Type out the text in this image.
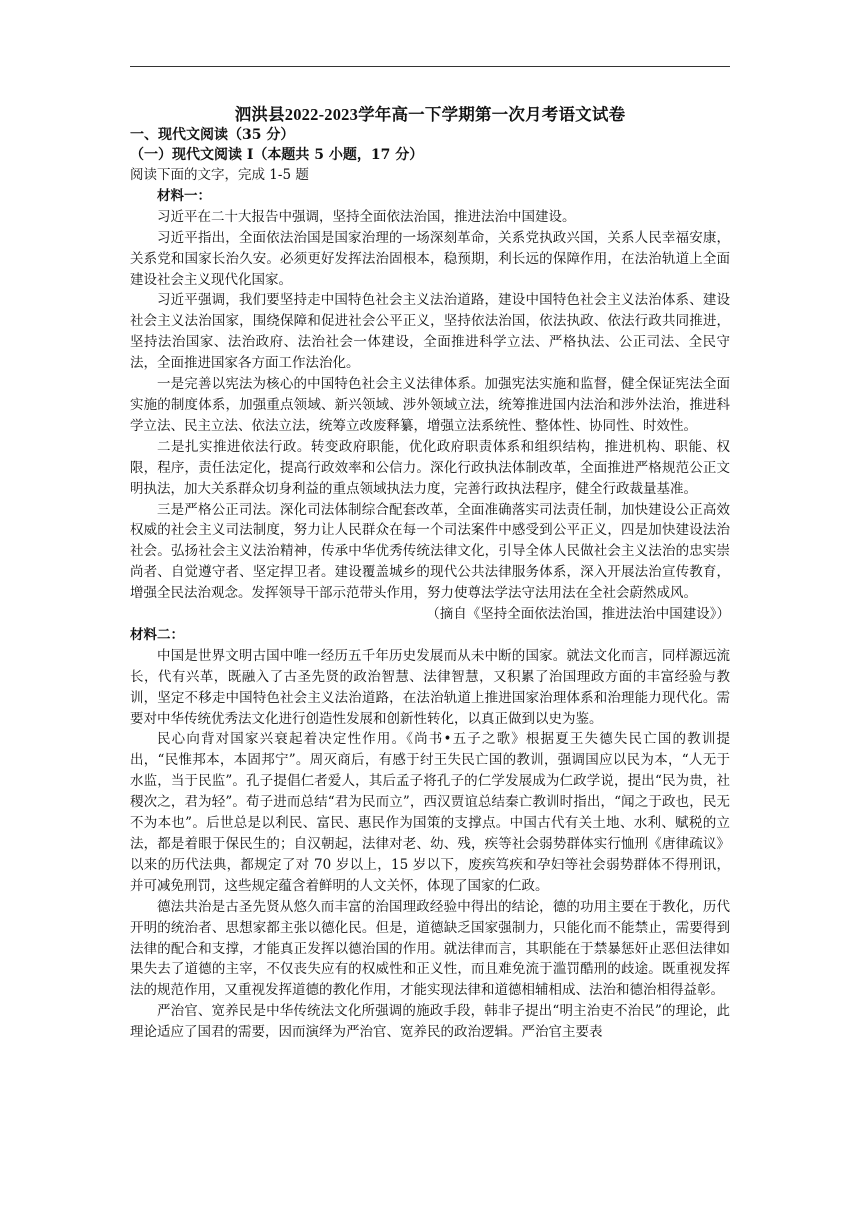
泗洪县2022-2023学年高一下学期第一次月考语文试卷

一、现代文阅读（35 分）

（一）现代文阅读 I（本题共 5 小题，17 分）

阅读下面的文字，完成 1-5 题

材料一：

习近平在二十大报告中强调，坚持全面依法治国，推进法治中国建设。

习近平指出，全面依法治国是国家治理的一场深刻革命，关系党执政兴国，关系人民幸福安康，关系党和国家长治久安。必须更好发挥法治固根本，稳预期，利长远的保障作用，在法治轨道上全面建设社会主义现代化国家。

习近平强调，我们要坚持走中国特色社会主义法治道路，建设中国特色社会主义法治体系、建设社会主义法治国家，围绕保障和促进社会公平正义，坚持依法治国，依法执政、依法行政共同推进，坚持法治国家、法治政府、法治社会一体建设，全面推进科学立法、严格执法、公正司法、全民守法，全面推进国家各方面工作法治化。

一是完善以宪法为核心的中国特色社会主义法律体系。加强宪法实施和监督，健全保证宪法全面实施的制度体系，加强重点领域、新兴领域、涉外领域立法，统筹推进国内法治和涉外法治，推进科学立法、民主立法、依法立法，统筹立改废释纂，增强立法系统性、整体性、协同性、时效性。

二是扎实推进依法行政。转变政府职能，优化政府职责体系和组织结构，推进机构、职能、权限，程序，责任法定化，提高行政效率和公信力。深化行政执法体制改革，全面推进严格规范公正文明执法，加大关系群众切身利益的重点领域执法力度，完善行政执法程序，健全行政裁量基准。

三是严格公正司法。深化司法体制综合配套改革，全面准确落实司法责任制，加快建设公正高效权威的社会主义司法制度，努力让人民群众在每一个司法案件中感受到公平正义，四是加快建设法治社会。弘扬社会主义法治精神，传承中华优秀传统法律文化，引导全体人民做社会主义法治的忠实崇尚者、自觉遵守者、坚定捍卫者。建设覆盖城乡的现代公共法律服务体系，深入开展法治宣传教育，增强全民法治观念。发挥领导干部示范带头作用，努力使尊法学法守法用法在全社会蔚然成风。

（摘自《坚持全面依法治国，推进法治中国建设》）

材料二：

中国是世界文明古国中唯一经历五千年历史发展而从未中断的国家。就法文化而言，同样源远流长，代有兴革，既融入了古圣先贤的政治智慧、法律智慧，又积累了治国理政方面的丰富经验与教训，坚定不移走中国特色社会主义法治道路，在法治轨道上推进国家治理体系和治理能力现代化。需要对中华传统优秀法文化进行创造性发展和创新性转化，以真正做到以史为鉴。

民心向背对国家兴衰起着决定性作用。《尚书•五子之歌》根据夏王失德失民亡国的教训提出，“民惟邦本，本固邦宁”。周灭商后，有感于纣王失民亡国的教训，强调国应以民为本，“人无于水监，当于民监”。孔子提倡仁者爱人，其后孟子将孔子的仁学发展成为仁政学说，提出“民为贵，社稷次之，君为轻”。荀子进而总结“君为民而立”，西汉贾谊总结秦亡教训时指出，“闻之于政也，民无不为本也”。后世总是以利民、富民、惠民作为国策的支撑点。中国古代有关土地、水利、赋税的立法，都是着眼于保民生的；自汉朝起，法律对老、幼、残，疾等社会弱势群体实行恤刑《唐律疏议》以来的历代法典，都规定了对 70 岁以上，15 岁以下，废疾笃疾和孕妇等社会弱势群体不得刑讯，并可减免刑罚，这些规定蕴含着鲜明的人文关怀，体现了国家的仁政。

德法共治是古圣先贤从悠久而丰富的治国理政经验中得出的结论，德的功用主要在于教化，历代开明的统治者、思想家都主张以德化民。但是，道德缺乏国家强制力，只能化而不能禁止，需要得到法律的配合和支撑，才能真正发挥以德治国的作用。就法律而言，其职能在于禁暴惩奸止恶但法律如果失去了道德的主宰，不仅丧失应有的权威性和正义性，而且难免流于滥罚酷刑的歧途。既重视发挥法的规范作用，又重视发挥道德的教化作用，才能实现法律和道德相辅相成、法治和德治相得益彰。

严治官、宽养民是中华传统法文化所强调的施政手段，韩非子提出“明主治吏不治民”的理论，此理论适应了国君的需要，因而演绎为严治官、宽养民的政治逻辑。严治官主要表
